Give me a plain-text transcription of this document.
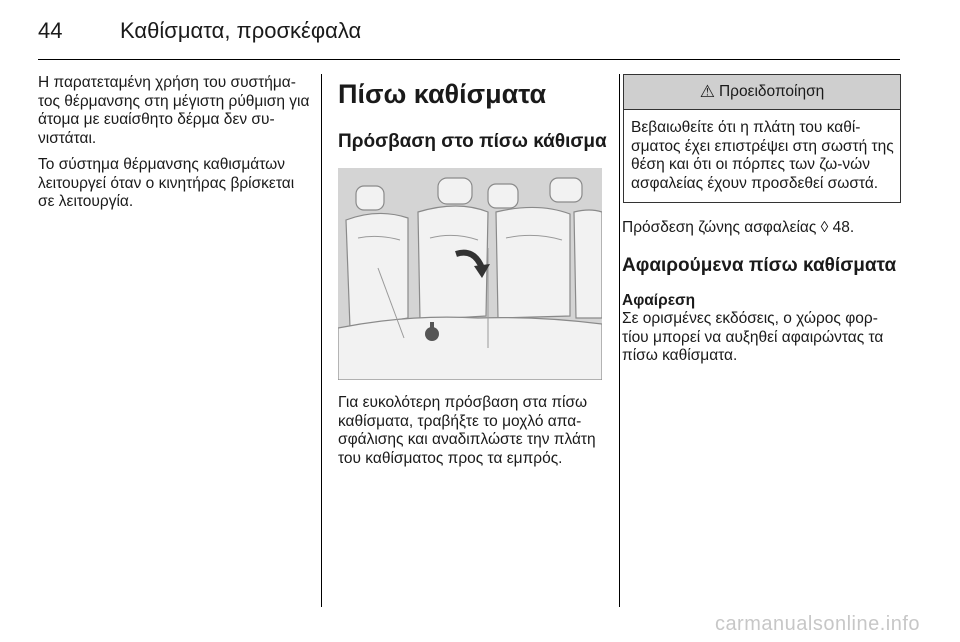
44	Καθίσματα, προσκέφαλα

Η παρατεταμένη χρήση του συστήμα-τος θέρμανσης στη μέγιστη ρύθμιση για άτομα με ευαίσθητο δέρμα δεν συ-νιστάται.

Το σύστημα θέρμανσης καθισμάτων λειτουργεί όταν ο κινητήρας βρίσκεται σε λειτουργία.

Πίσω καθίσματα
Πρόσβαση στο πίσω κάθισμα

Για ευκολότερη πρόσβαση στα πίσω καθίσματα, τραβήξτε το μοχλό απα-σφάλισης και αναδιπλώστε την πλάτη του καθίσματος προς τα εμπρός.

⚠ Προειδοποίηση

Βεβαιωθείτε ότι η πλάτη του καθί-σματος έχει επιστρέψει στη σωστή της θέση και ότι οι πόρπες των ζω-νών ασφαλείας έχουν προσδεθεί σωστά.

Πρόσδεση ζώνης ασφαλείας ◊ 48.

Αφαιρούμενα πίσω καθίσματα
Αφαίρεση

Σε ορισμένες εκδόσεις, ο χώρος φορ-τίου μπορεί να αυξηθεί αφαιρώντας τα πίσω καθίσματα.

carmanualsonline.info
